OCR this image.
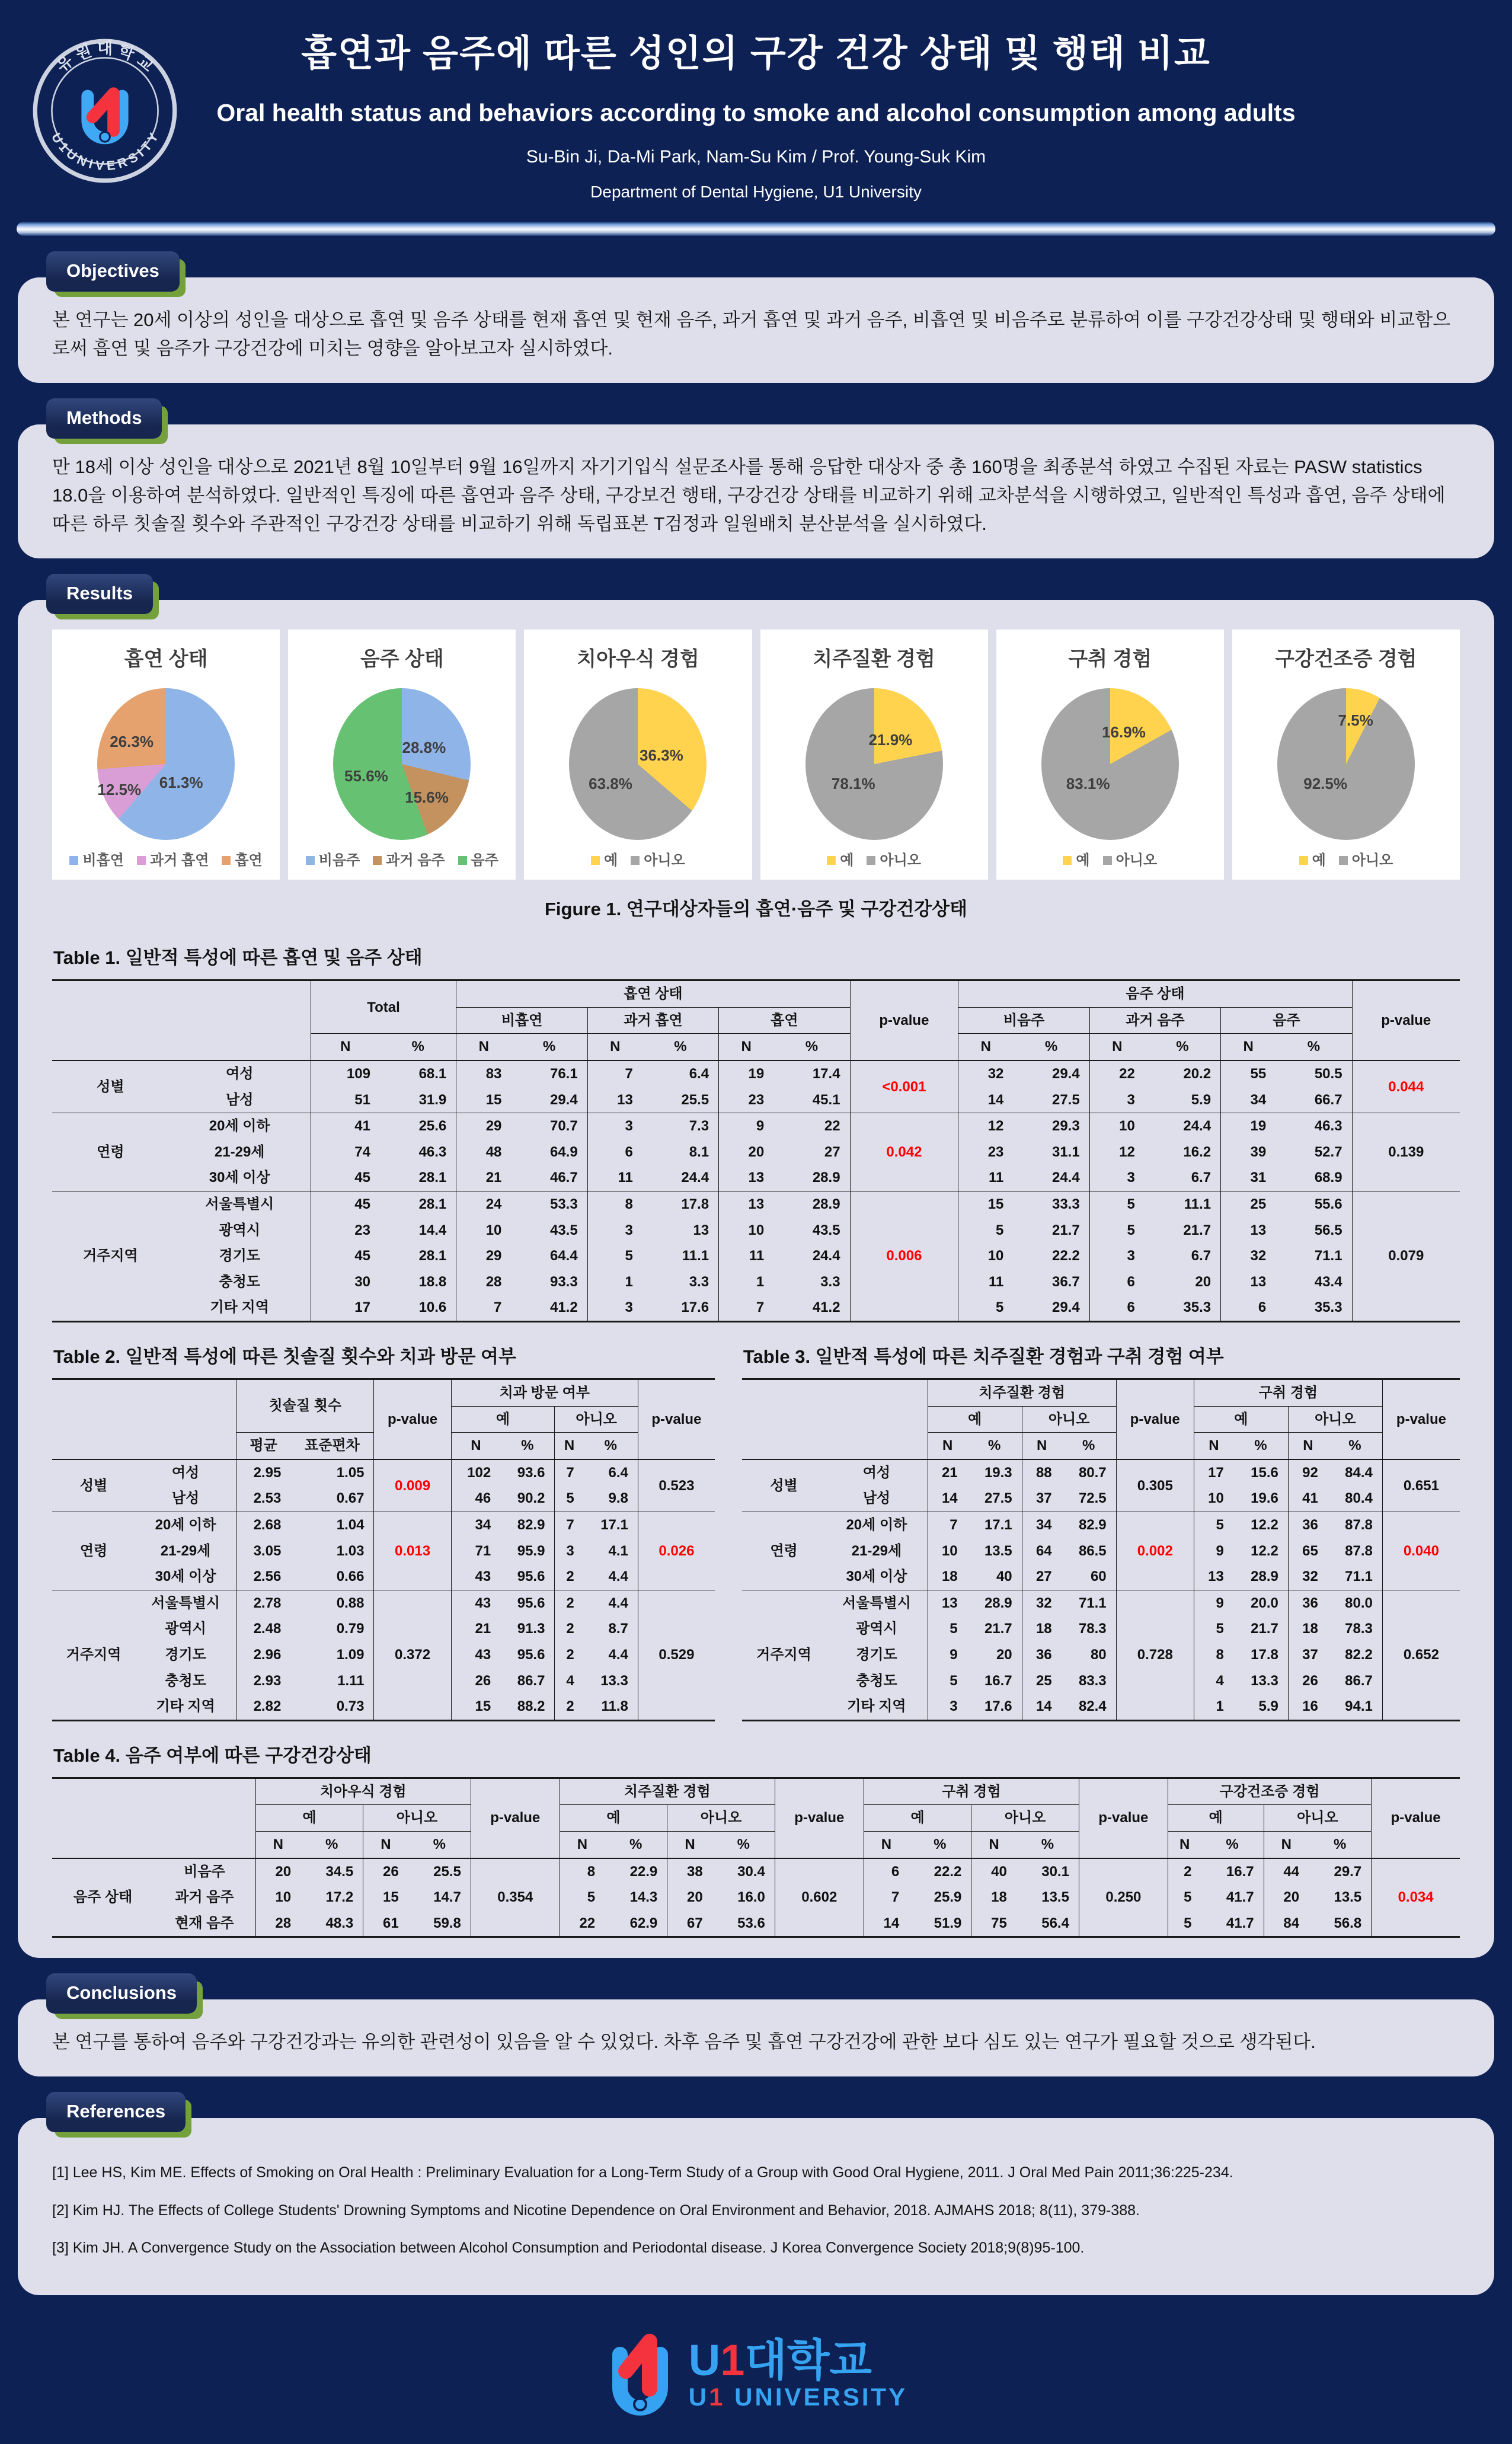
유 원 대 학 교
U 1 U N I V E R S I T Y
흡연과 음주에 따른 성인의 구강 건강 상태 및 행태 비교
Oral health status and behaviors according to smoke and alcohol consumption among adults
Su-Bin Ji, Da-Mi Park, Nam-Su Kim / Prof. Young-Suk Kim
Department of Dental Hygiene, U1 University
Objectives
본 연구는 20세 이상의 성인을 대상으로 흡연 및 음주 상태를 현재 흡연 및 현재 음주, 과거 흡연 및 과거 음주, 비흡연 및 비음주로 분류하여 이를 구강건강상태 및 행태와 비교함으로써 흡연 및 음주가 구강건강에 미치는 영향을 알아보고자 실시하였다.
Methods
만 18세 이상 성인을 대상으로 2021년 8월 10일부터 9월 16일까지 자기기입식 설문조사를 통해 응답한 대상자 중 총 160명을 최종분석 하였고 수집된 자료는 PASW statistics 18.0을 이용하여 분석하였다. 일반적인 특징에 따른 흡연과 음주 상태, 구강보건 행태, 구강건강 상태를 비교하기 위해 교차분석을 시행하였고, 일반적인 특성과 흡연, 음주 상태에 따른 하루 칫솔질 횟수와 주관적인 구강건강 상태를 비교하기 위해 독립표본 T검정과 일원배치 분산분석을 실시하였다.
Results
흡연 상태
61.3%
12.5%
26.3%
비흡연 과거 흡연 흡연
음주 상태
28.8%
15.6%
55.6%
비음주 과거 음주 음주
치아우식 경험
36.3%
63.8%
예 아니오
치주질환 경험
21.9%
78.1%
예 아니오
구취 경험
16.9%
83.1%
예 아니오
구강건조증 경험
7.5%
92.5%
예 아니오
Figure 1. 연구대상자들의 흡연·음주 및 구강건강상태
Table 1. 일반적 특성에 따른 흡연 및 음주 상태
		Total		흡연 상태						p-value	음주 상태						p-value
				비흡연		과거 흡연		흡연			비음주		과거 음주		음주		
		N	%	N	%	N	%	N	%		N	%	N	%	N	%	
성별	여성	109	68.1	83	76.1	7	6.4	19	17.4	<0.001	32	29.4	22	20.2	55	50.5	0.044
	남성	51	31.9	15	29.4	13	25.5	23	45.1		14	27.5	3	5.9	34	66.7	
연령	20세 이하	41	25.6	29	70.7	3	7.3	9	22	0.042	12	29.3	10	24.4	19	46.3	0.139
	21-29세	74	46.3	48	64.9	6	8.1	20	27		23	31.1	12	16.2	39	52.7	
	30세 이상	45	28.1	21	46.7	11	24.4	13	28.9		11	24.4	3	6.7	31	68.9	
거주지역	서울특별시	45	28.1	24	53.3	8	17.8	13	28.9	0.006	15	33.3	5	11.1	25	55.6	0.079
	광역시	23	14.4	10	43.5	3	13	10	43.5		5	21.7	5	21.7	13	56.5	
	경기도	45	28.1	29	64.4	5	11.1	11	24.4		10	22.2	3	6.7	32	71.1	
	충청도	30	18.8	28	93.3	1	3.3	1	3.3		11	36.7	6	20	13	43.4	
	기타 지역	17	10.6	7	41.2	3	17.6	7	41.2		5	29.4	6	35.3	6	35.3	
Table 2. 일반적 특성에 따른 칫솔질 횟수와 치과 방문 여부
		칫솔질 횟수		p-value	치과 방문 여부				p-value
					예		아니오		
		평균	표준편차		N	%	N	%	
성별	여성	2.95	1.05	0.009	102	93.6	7	6.4	0.523
	남성	2.53	0.67		46	90.2	5	9.8	
연령	20세 이하	2.68	1.04	0.013	34	82.9	7	17.1	0.026
	21-29세	3.05	1.03		71	95.9	3	4.1	
	30세 이상	2.56	0.66		43	95.6	2	4.4	
거주지역	서울특별시	2.78	0.88	0.372	43	95.6	2	4.4	0.529
	광역시	2.48	0.79		21	91.3	2	8.7	
	경기도	2.96	1.09		43	95.6	2	4.4	
	충청도	2.93	1.11		26	86.7	4	13.3	
	기타 지역	2.82	0.73		15	88.2	2	11.8	
Table 3. 일반적 특성에 따른 치주질환 경험과 구취 경험 여부
		치주질환 경험				p-value	구취 경험				p-value
		예		아니오			예		아니오		
		N	%	N	%		N	%	N	%	
성별	여성	21	19.3	88	80.7	0.305	17	15.6	92	84.4	0.651
	남성	14	27.5	37	72.5		10	19.6	41	80.4	
연령	20세 이하	7	17.1	34	82.9	0.002	5	12.2	36	87.8	0.040
	21-29세	10	13.5	64	86.5		9	12.2	65	87.8	
	30세 이상	18	40	27	60		13	28.9	32	71.1	
거주지역	서울특별시	13	28.9	32	71.1	0.728	9	20.0	36	80.0	0.652
	광역시	5	21.7	18	78.3		5	21.7	18	78.3	
	경기도	9	20	36	80		8	17.8	37	82.2	
	충청도	5	16.7	25	83.3		4	13.3	26	86.7	
	기타 지역	3	17.6	14	82.4		1	5.9	16	94.1	
Table 4. 음주 여부에 따른 구강건강상태
		치아우식 경험				p-value	치주질환 경험				p-value	구취 경험				p-value	구강건조증 경험				p-value
		예		아니오			예		아니오			예		아니오			예		아니오		
		N	%	N	%		N	%	N	%		N	%	N	%		N	%	N	%	
음주 상태	비음주	20	34.5	26	25.5	0.354	8	22.9	38	30.4	0.602	6	22.2	40	30.1	0.250	2	16.7	44	29.7	0.034
	과거 음주	10	17.2	15	14.7		5	14.3	20	16.0		7	25.9	18	13.5		5	41.7	20	13.5	
	현재 음주	28	48.3	61	59.8		22	62.9	67	53.6		14	51.9	75	56.4		5	41.7	84	56.8	
Conclusions
본 연구를 통하여 음주와 구강건강과는 유의한 관련성이 있음을 알 수 있었다. 차후 음주 및 흡연 구강건강에 관한 보다 심도 있는 연구가 필요할 것으로 생각된다.
References
[1] Lee HS, Kim ME. Effects of Smoking on Oral Health : Preliminary Evaluation for a Long-Term Study of a Group with Good Oral Hygiene, 2011. J Oral Med Pain 2011;36:225-234.
[2] Kim HJ. The Effects of College Students' Drowning Symptoms and Nicotine Dependence on Oral Environment and Behavior, 2018. AJMAHS 2018; 8(11), 379-388.
[3] Kim JH. A Convergence Study on the Association between Alcohol Consumption and Periodontal disease. J Korea Convergence Society 2018;9(8)95-100.
U1대학교
U1 UNIVERSITY
